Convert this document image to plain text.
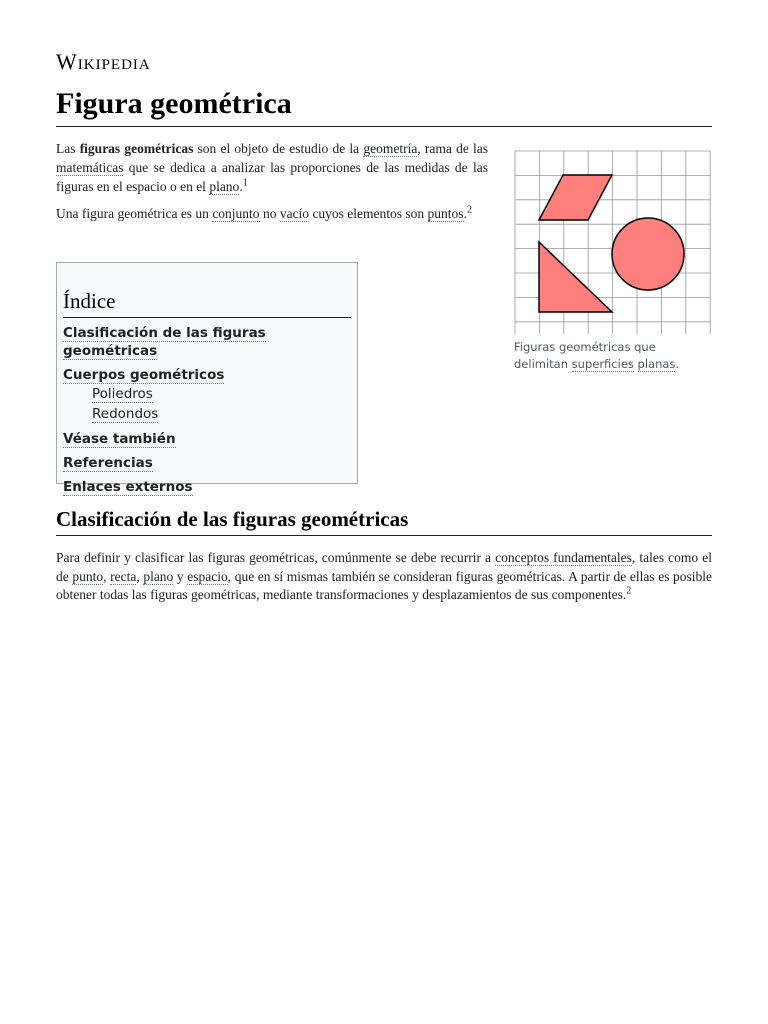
Wikipedia
Figura geométrica

Las figuras geométricas son el objeto de estudio de la geometría, rama de las matemáticas que se dedica a analizar las proporciones de las medidas de las figuras en el espacio o en el plano.$^1$

Una figura geométrica es un conjunto no vacío cuyos elementos son puntos.$^2$

Figuras geométricas que delimitan superficies planas.
Índice
Clasificación de las figuras geométricas
Cuerpos geométricos
Poliedros
Redondos
Véase también
Referencias
Enlaces externos
Clasificación de las figuras geométricas

Para definir y clasificar las figuras geométricas, comúnmente se debe recurrir a conceptos fundamentales, tales como el de punto, recta, plano y espacio, que en sí mismas también se consideran figuras geométricas. A partir de ellas es posible obtener todas las figuras geométricas, mediante transformaciones y desplazamientos de sus componentes.$^2$
